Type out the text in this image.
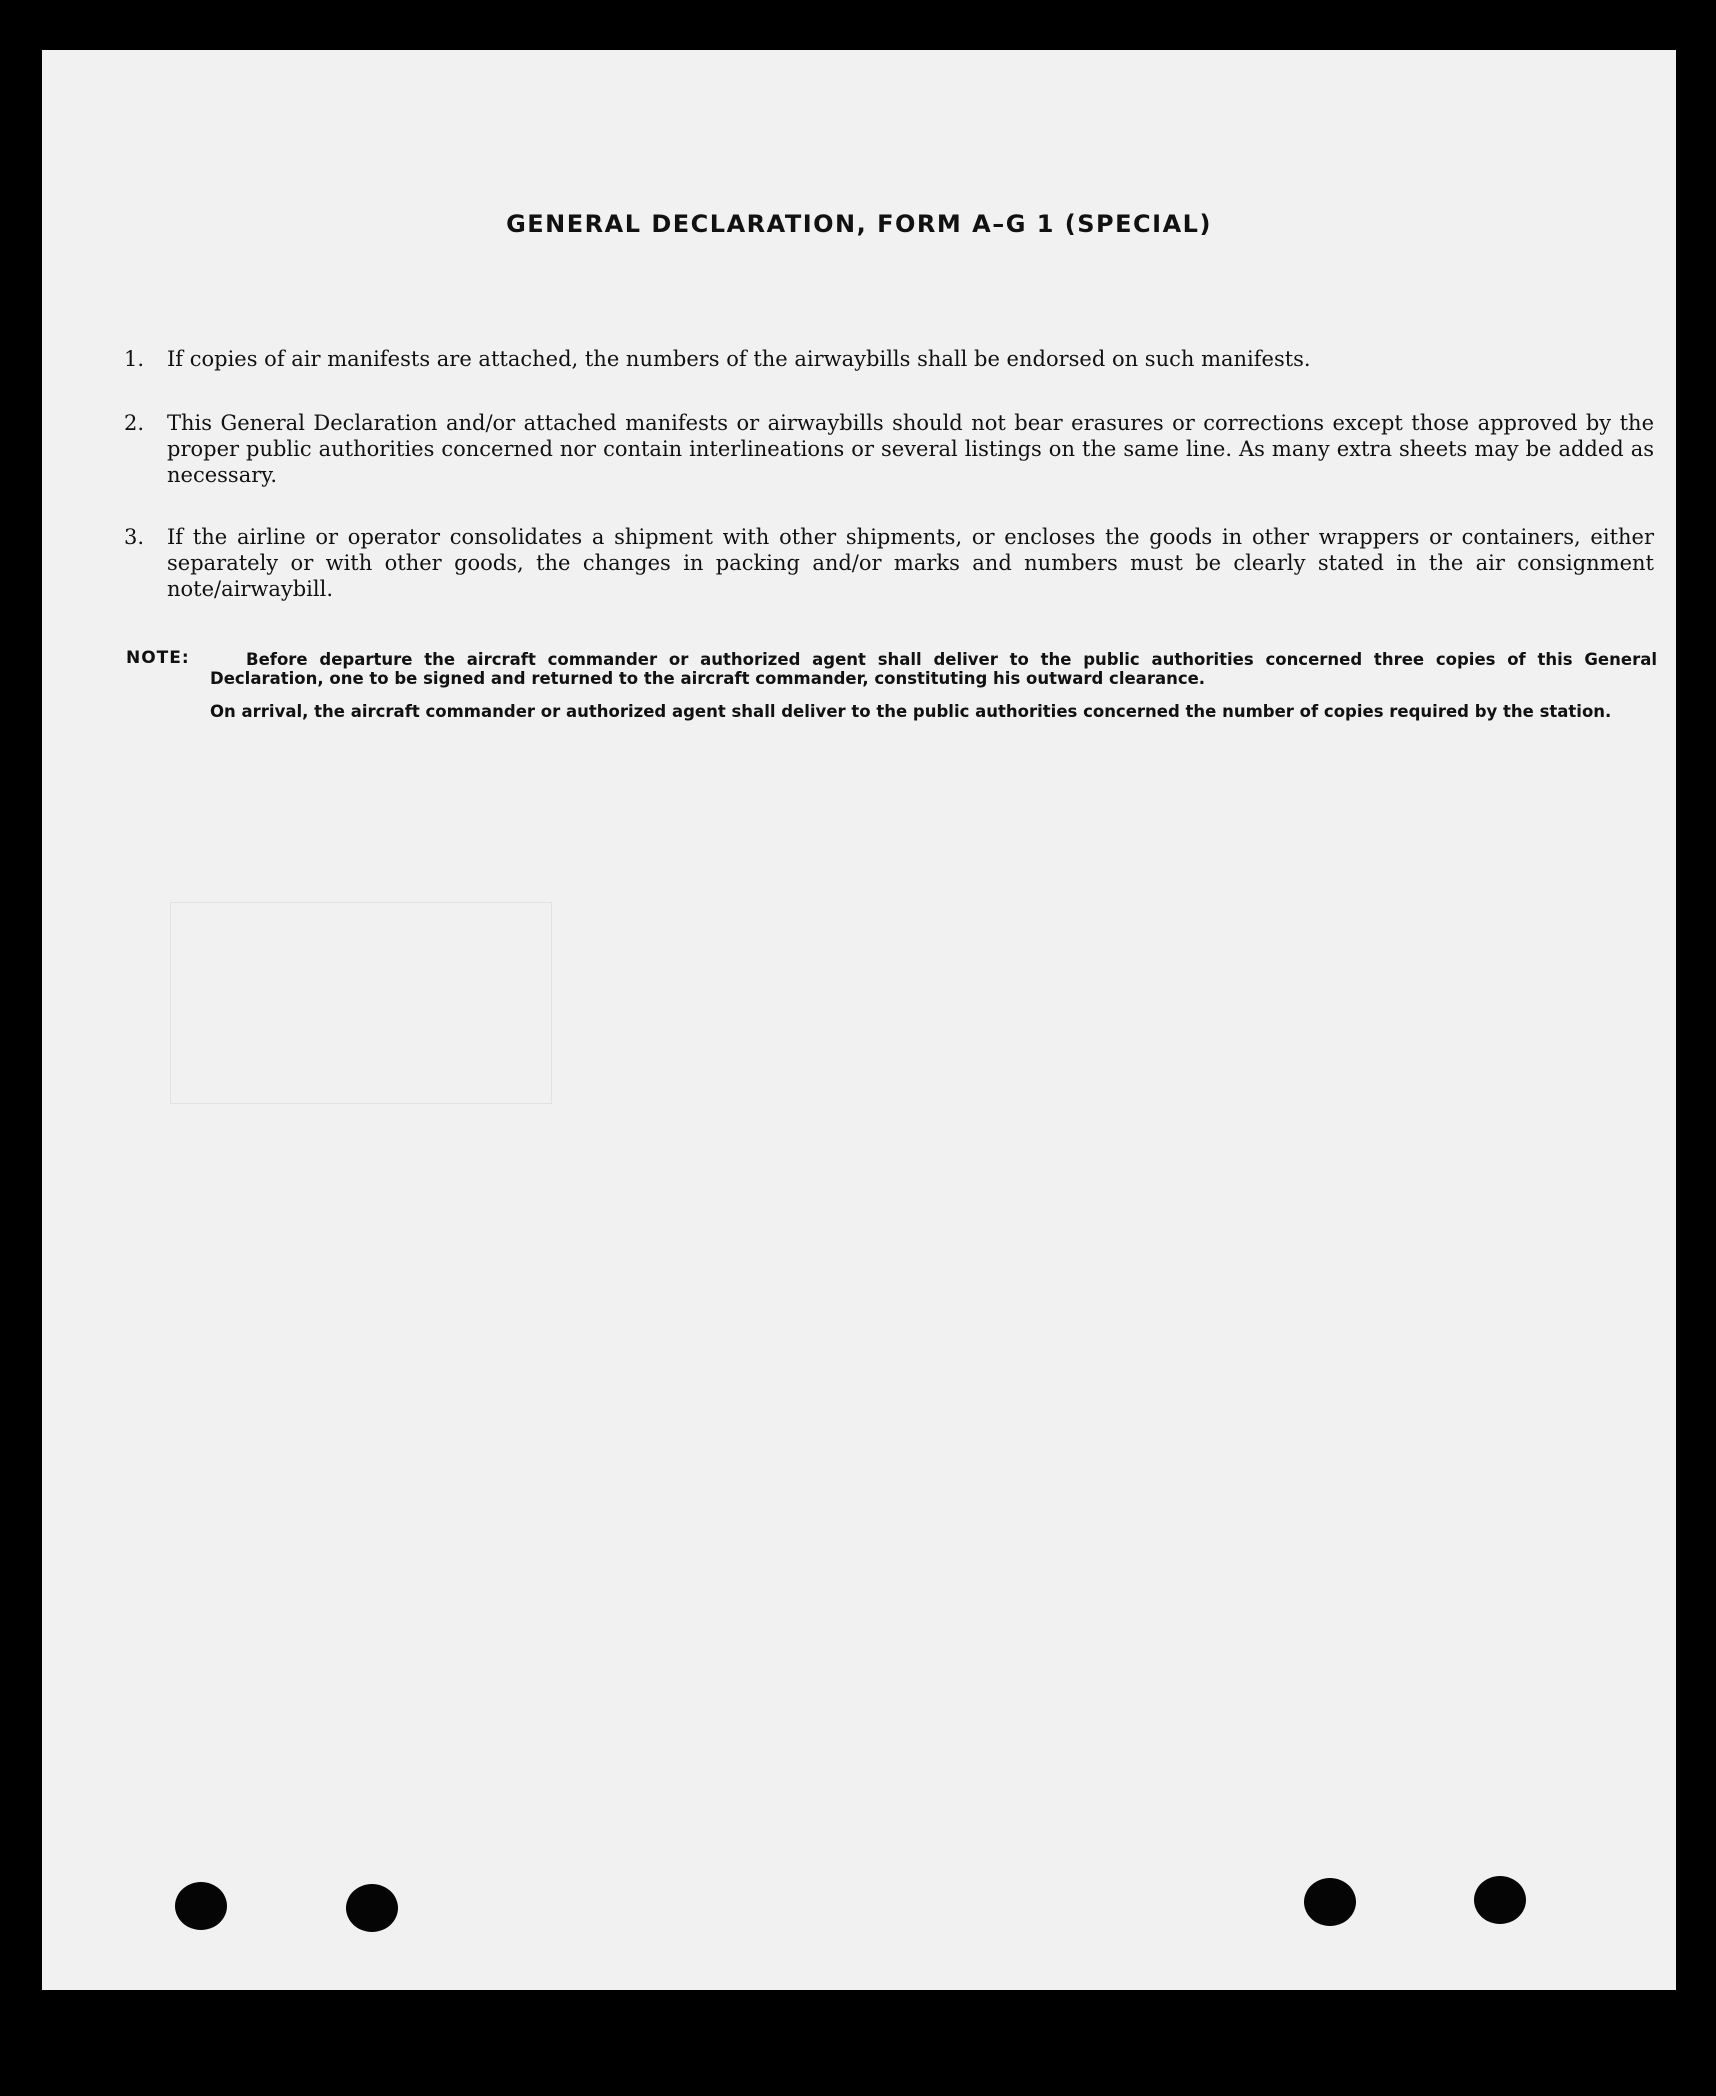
GENERAL DECLARATION, FORM A–G 1 (SPECIAL)
1.	If copies of air manifests are attached, the numbers of the airwaybills shall be endorsed on such manifests.
2.	This General Declaration and/or attached manifests or airwaybills should not bear erasures or corrections except those approved by the proper public authorities concerned nor contain interlineations or several listings on the same line. As many extra sheets may be added as necessary.
3.	If the airline or operator consolidates a shipment with other shipments, or encloses the goods in other wrappers or containers, either separately or with other goods, the changes in packing and/or marks and numbers must be clearly stated in the air consignment note/airwaybill.
NOTE:	Before departure the aircraft commander or authorized agent shall deliver to the public authorities concerned three copies of this General Declaration, one to be signed and returned to the aircraft commander, constituting his outward clearance.
On arrival, the aircraft commander or authorized agent shall deliver to the public authorities concerned the number of copies required by the station.
